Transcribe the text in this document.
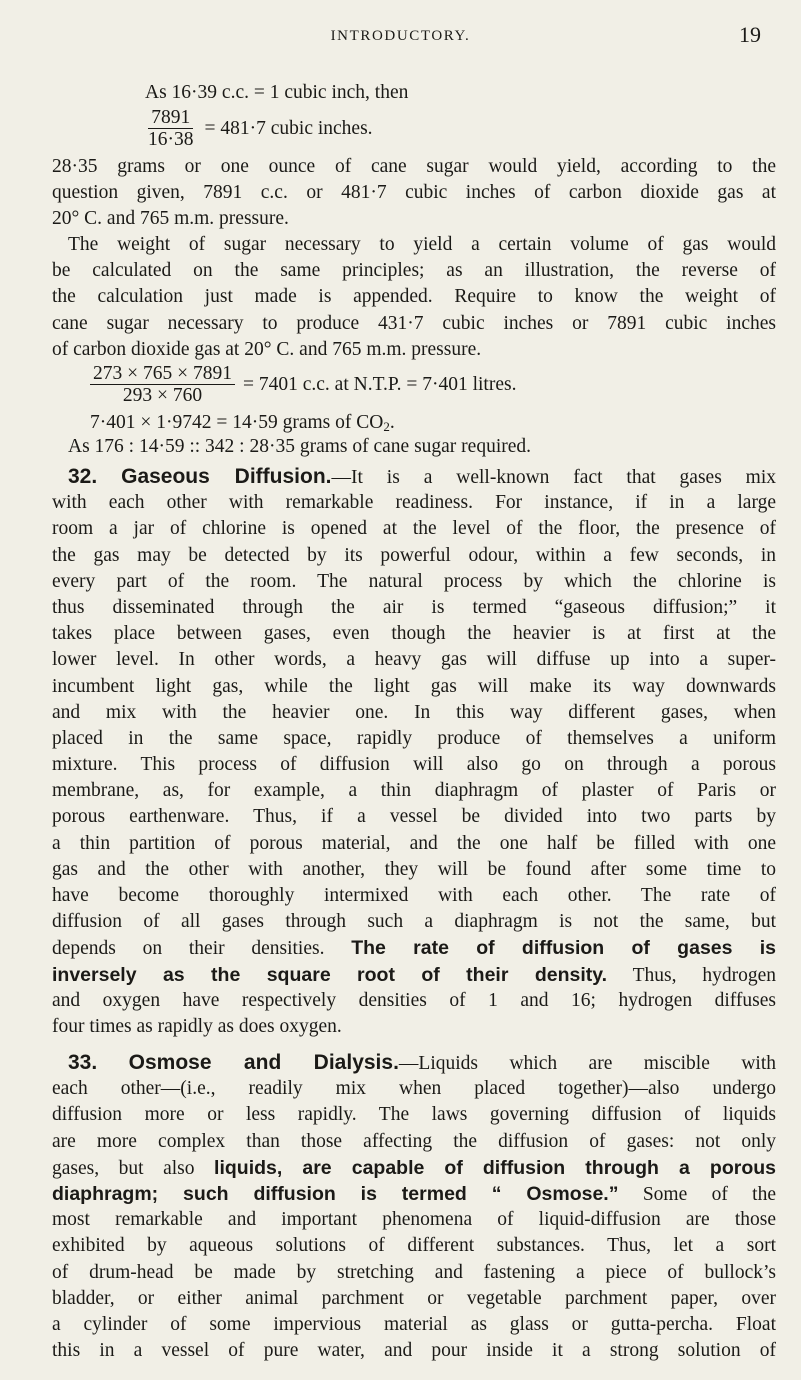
INTRODUCTORY.	19
As 16·39 c.c. = 1 cubic inch, then
$\frac{7891}{16\cdot 38} = 481\cdot 7$ cubic inches.
28·35 grams or one ounce of cane sugar would yield, according to the
question given, 7891 c.c. or 481·7 cubic inches of carbon dioxide gas at
20° C. and 765 m.m. pressure.
The weight of sugar necessary to yield a certain volume of gas would
be calculated on the same principles; as an illustration, the reverse of
the calculation just made is appended. Require to know the weight of
cane sugar necessary to produce 431·7 cubic inches or 7891 cubic inches
of carbon dioxide gas at 20° C. and 765 m.m. pressure.
$\frac{273 \times 765 \times 7891}{293 \times 760} = 7401$ c.c. at N.T.P. = 7·401 litres.
7·401 × 1·9742 = 14·59 grams of $CO_2$.
As 176 : 14·59 :: 342 : 28·35 grams of cane sugar required.
32. Gaseous Diffusion.—It is a well-known fact that gases mix
with each other with remarkable readiness. For instance, if in a large
room a jar of chlorine is opened at the level of the floor, the presence of
the gas may be detected by its powerful odour, within a few seconds, in
every part of the room. The natural process by which the chlorine is
thus disseminated through the air is termed “gaseous diffusion;” it
takes place between gases, even though the heavier is at first at the
lower level. In other words, a heavy gas will diffuse up into a super-
incumbent light gas, while the light gas will make its way downwards
and mix with the heavier one. In this way different gases, when
placed in the same space, rapidly produce of themselves a uniform
mixture. This process of diffusion will also go on through a porous
membrane, as, for example, a thin diaphragm of plaster of Paris or
porous earthenware. Thus, if a vessel be divided into two parts by
a thin partition of porous material, and the one half be filled with one
gas and the other with another, they will be found after some time to
have become thoroughly intermixed with each other. The rate of
diffusion of all gases through such a diaphragm is not the same, but
depends on their densities. The rate of diffusion of gases is
inversely as the square root of their density. Thus, hydrogen
and oxygen have respectively densities of 1 and 16; hydrogen diffuses
four times as rapidly as does oxygen.
33. Osmose and Dialysis.—Liquids which are miscible with
each other—(i.e., readily mix when placed together)—also undergo
diffusion more or less rapidly. The laws governing diffusion of liquids
are more complex than those affecting the diffusion of gases: not only
gases, but also liquids, are capable of diffusion through a porous
diaphragm; such diffusion is termed “ Osmose.” Some of the
most remarkable and important phenomena of liquid-diffusion are those
exhibited by aqueous solutions of different substances. Thus, let a sort
of drum-head be made by stretching and fastening a piece of bullock’s
bladder, or either animal parchment or vegetable parchment paper, over
a cylinder of some impervious material as glass or gutta-percha. Float
this in a vessel of pure water, and pour inside it a strong solution of
